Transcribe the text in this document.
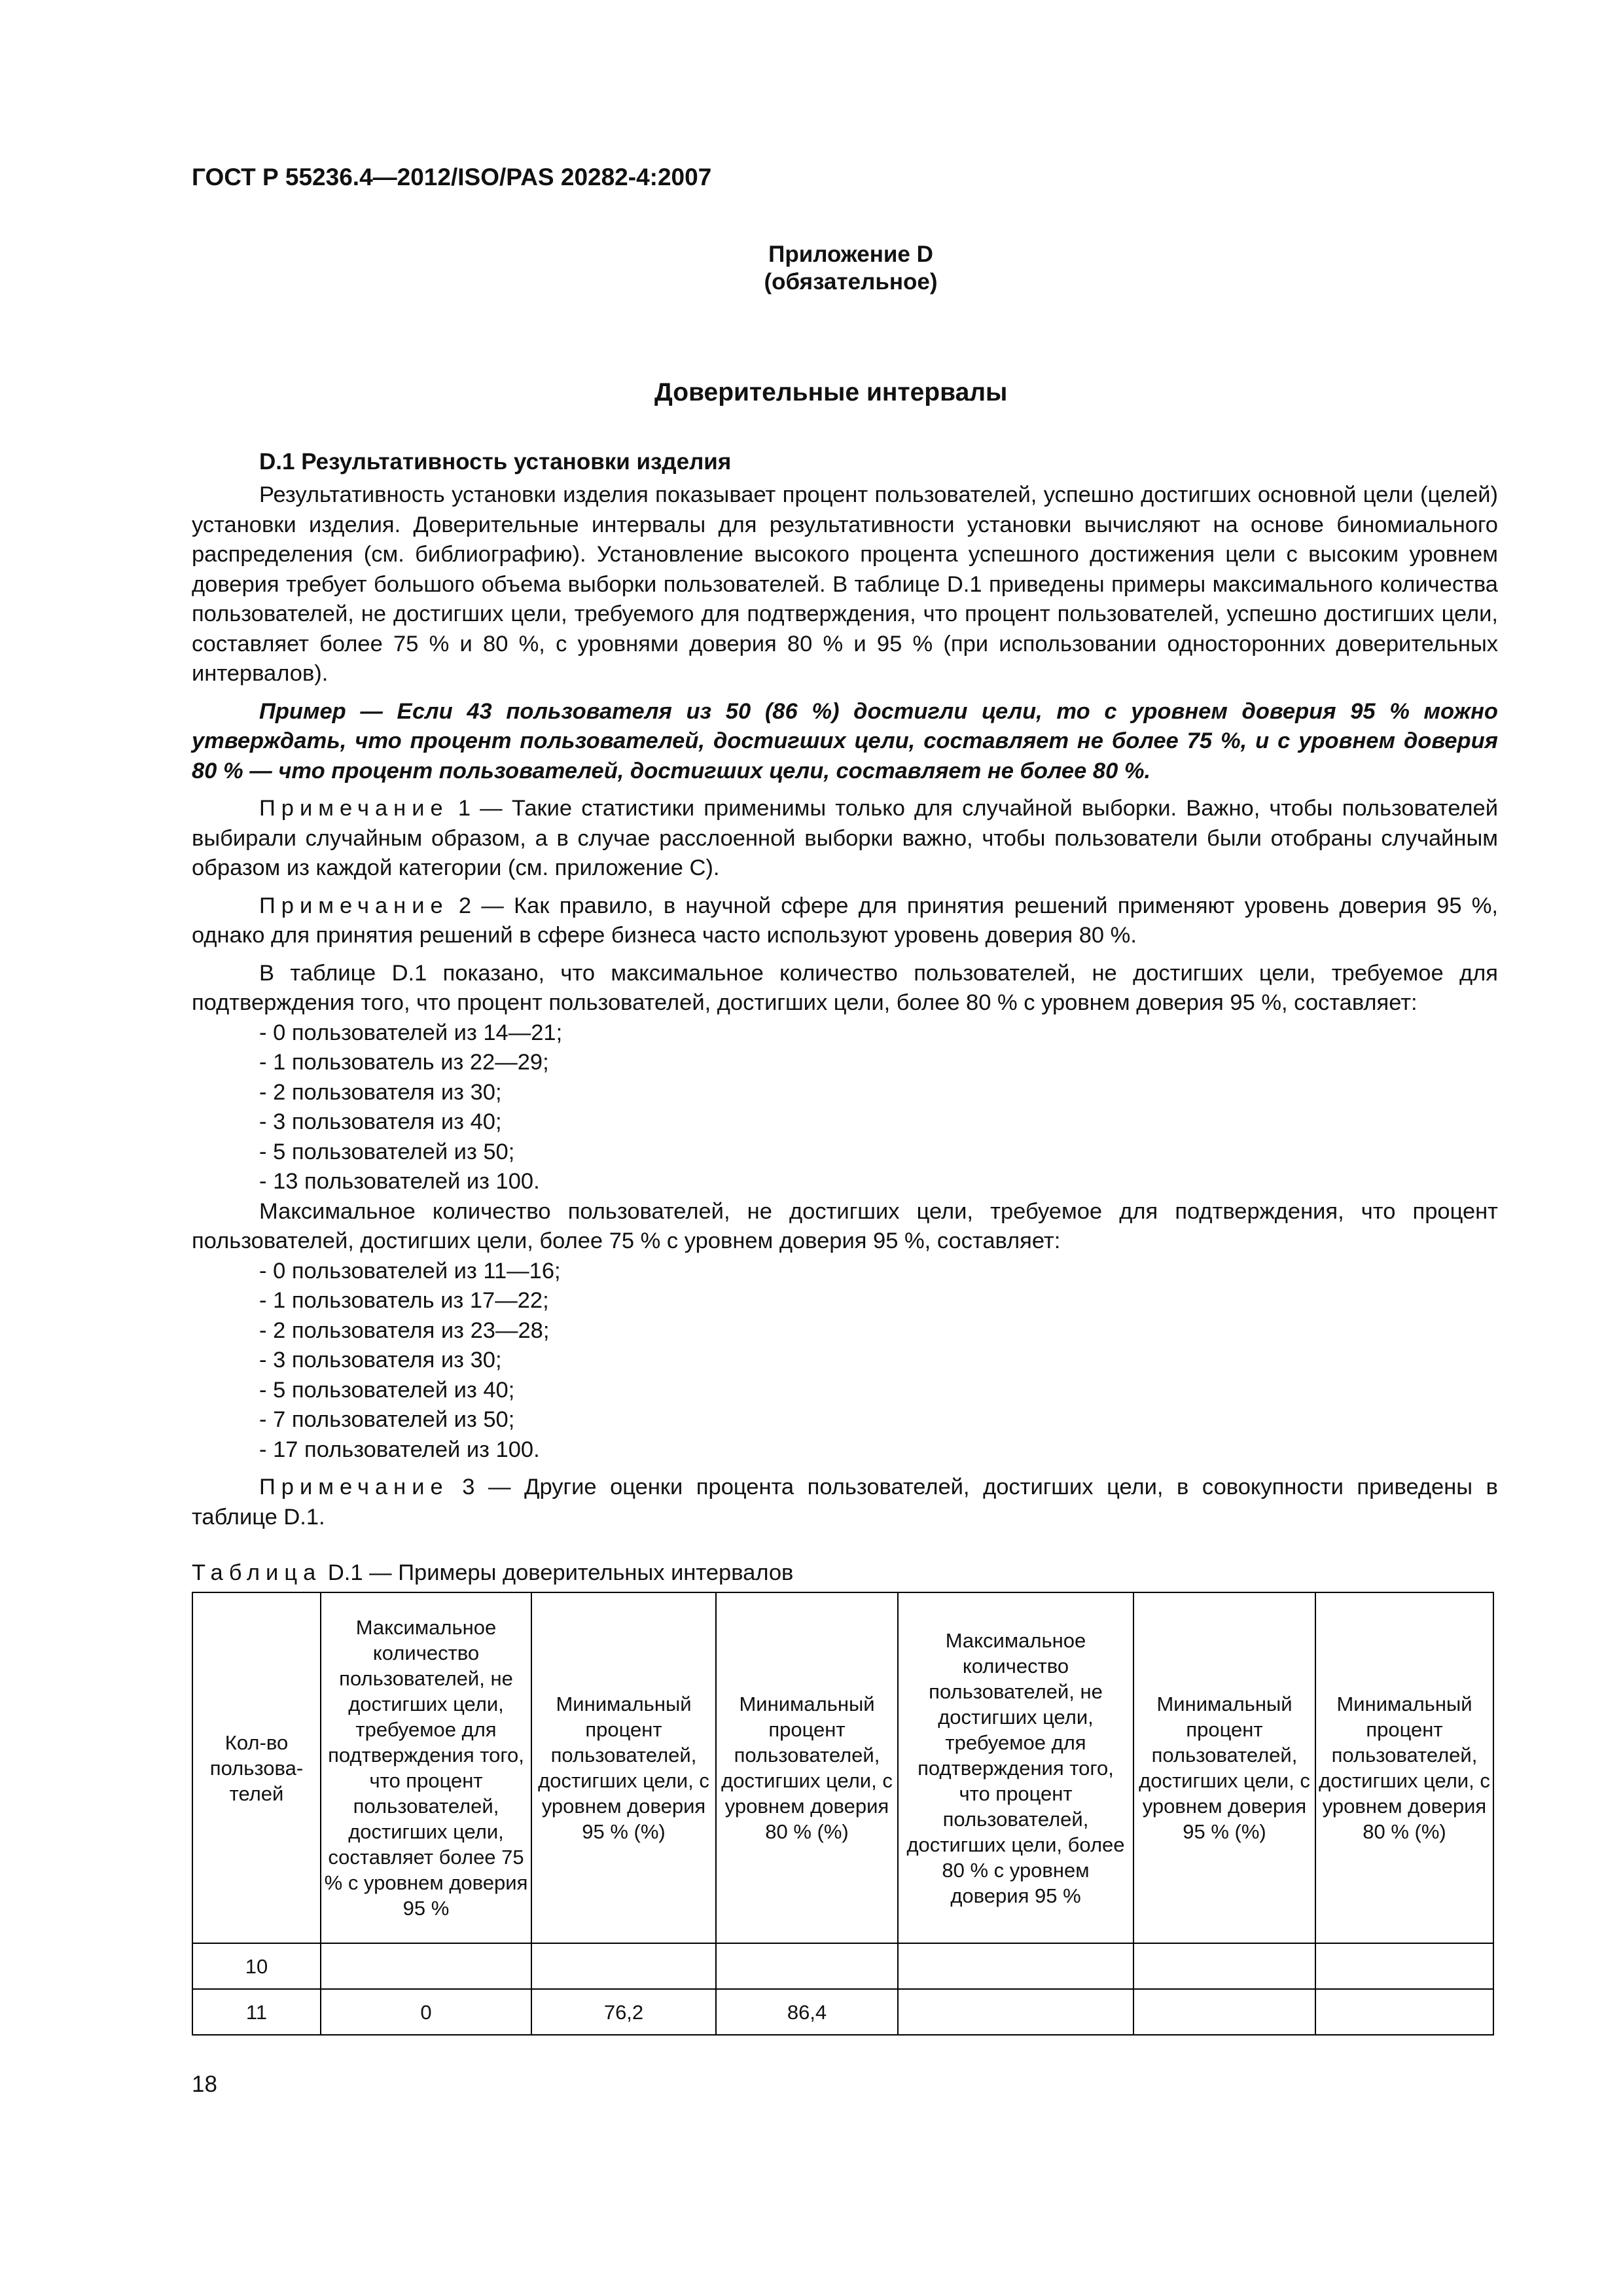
ГОСТ Р 55236.4—2012/ISO/PAS 20282-4:2007
Приложение D
(обязательное)
Доверительные интервалы
D.1 Результативность установки изделия

Результативность установки изделия показывает процент пользователей, успешно достигших основной цели (целей) установки изделия. Доверительные интервалы для результативности установки вычисляют на основе биномиального распределения (см. библиографию). Установление высокого процента успешного достижения цели с высоким уровнем доверия требует большого объема выборки пользователей. В таблице D.1 приведены примеры максимального количества пользователей, не достигших цели, требуемого для подтверждения, что процент пользователей, успешно достигших цели, составляет более 75 % и 80 %, с уровнями доверия 80 % и 95 % (при использовании односторонних доверительных интервалов).

Пример — Если 43 пользователя из 50 (86 %) достигли цели, то с уровнем доверия 95 % можно утверждать, что процент пользователей, достигших цели, составляет не более 75 %, и с уровнем доверия 80 % — что процент пользователей, достигших цели, составляет не более 80 %.

Примечание 1 — Такие статистики применимы только для случайной выборки. Важно, чтобы пользователей выбирали случайным образом, а в случае расслоенной выборки важно, чтобы пользователи были отобраны случайным образом из каждой категории (см. приложение С).

Примечание 2 — Как правило, в научной сфере для принятия решений применяют уровень доверия 95 %, однако для принятия решений в сфере бизнеса часто используют уровень доверия 80 %.

В таблице D.1 показано, что максимальное количество пользователей, не достигших цели, требуемое для подтверждения того, что процент пользователей, достигших цели, более 80 % с уровнем доверия 95 %, составляет:

- 0 пользователей из 14—21;
- 1 пользователь из 22—29;
- 2 пользователя из 30;
- 3 пользователя из 40;
- 5 пользователей из 50;
- 13 пользователей из 100.

Максимальное количество пользователей, не достигших цели, требуемое для подтверждения, что процент пользователей, достигших цели, более 75 % с уровнем доверия 95 %, составляет:

- 0 пользователей из 11—16;
- 1 пользователь из 17—22;
- 2 пользователя из 23—28;
- 3 пользователя из 30;
- 5 пользователей из 40;
- 7 пользователей из 50;
- 17 пользователей из 100.

Примечание 3 — Другие оценки процента пользователей, достигших цели, в совокупности приведены в таблице D.1.

Таблица D.1 — Примеры доверительных интервалов
Кол-во пользова-телей	Максимальное количество пользователей, не достигших цели, требуемое для подтверждения того, что процент пользователей, достигших цели, составляет более 75 % с уровнем доверия 95 %	Минимальный процент пользователей, достигших цели, с уровнем доверия 95 % (%)	Минимальный процент пользователей, достигших цели, с уровнем доверия 80 % (%)	Максимальное количество пользователей, не достигших цели, требуемое для подтверждения того, что процент пользователей, достигших цели, более 80 % с уровнем доверия 95 %	Минимальный процент пользователей, достигших цели, с уровнем доверия 95 % (%)	Минимальный процент пользователей, достигших цели, с уровнем доверия 80 % (%)
10						
11	0	76,2	86,4			
18
